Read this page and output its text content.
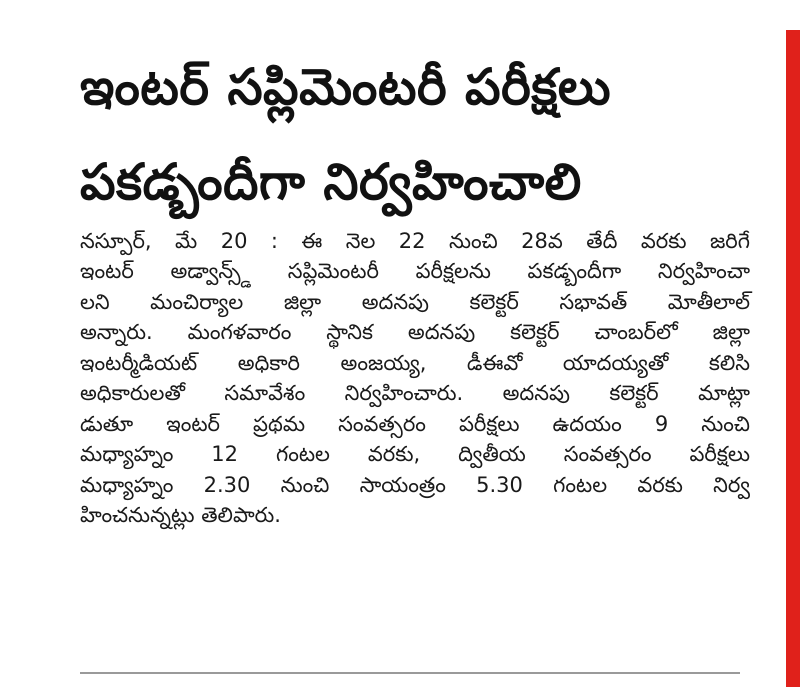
ఇంటర్ సప్లిమెంటరీ పరీక్షలు
పకడ్బందీగా నిర్వహించాలి
నస్పూర్, మే 20 : ఈ నెల 22 నుంచి 28వ తేదీ వరకు జరిగే
ఇంటర్ అడ్వాన్స్డ్ సప్లిమెంటరీ పరీక్షలను పకడ్బందీగా నిర్వహించా
లని మంచిర్యాల జిల్లా అదనపు కలెక్టర్ సభావత్ మోతీలాల్
అన్నారు. మంగళవారం స్థానిక అదనపు కలెక్టర్ చాంబర్‌లో జిల్లా
ఇంటర్మీడియట్ అధికారి అంజయ్య, డీఈవో యాదయ్యతో కలిసి
అధికారులతో సమావేశం నిర్వహించారు. అదనపు కలెక్టర్ మాట్లా
డుతూ ఇంటర్ ప్రథమ సంవత్సరం పరీక్షలు ఉదయం 9 నుంచి
మధ్యాహ్నం 12 గంటల వరకు, ద్వితీయ సంవత్సరం పరీక్షలు
మధ్యాహ్నం 2.30 నుంచి సాయంత్రం 5.30 గంటల వరకు నిర్వ
హించనున్నట్లు తెలిపారు.
